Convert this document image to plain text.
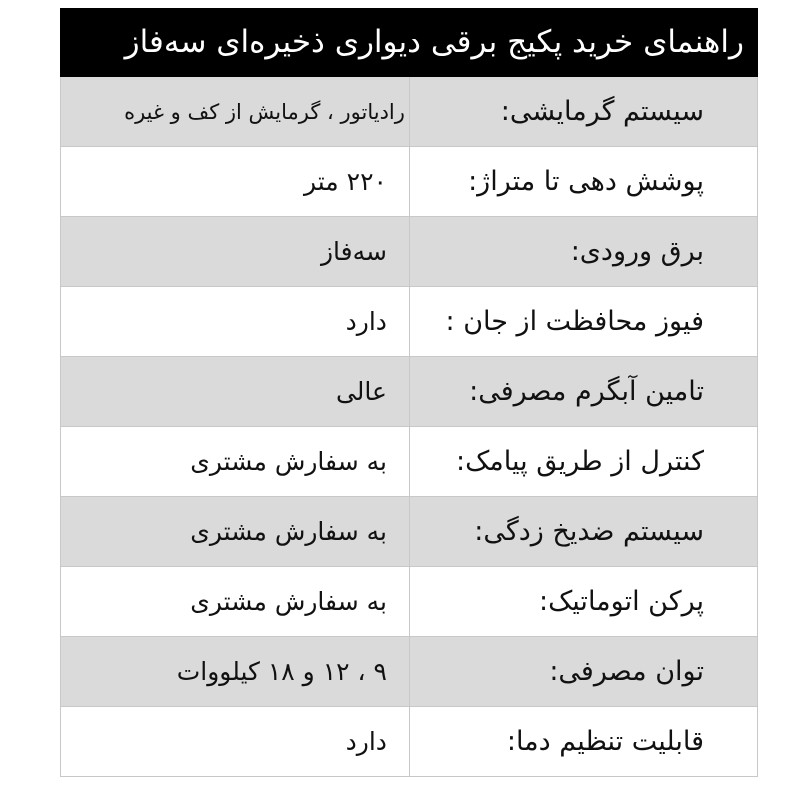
راهنمای خرید پکیج برقی دیواری ذخیره‌ای سه‌فاز
سیستم گرمایشی:
رادیاتور ، گرمایش از کف و غیره
پوشش دهی تا متراژ:
۲۲۰ متر
برق ورودی:
سه‌فاز
فیوز محافظت از جان :
دارد
تامین آبگرم مصرفی:
عالی
کنترل از طریق پیامک:
به سفارش مشتری
سیستم ضدیخ زدگی:
به سفارش مشتری
پرکن اتوماتیک:
به سفارش مشتری
توان مصرفی:
۹ ، ۱۲ و ۱۸ کیلووات
قابلیت تنظیم دما:
دارد
